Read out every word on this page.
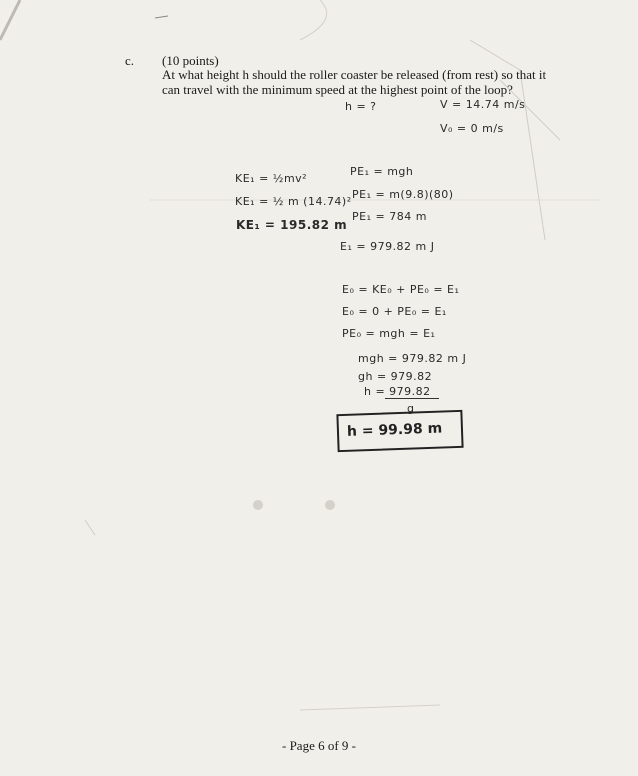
c. (10 points)
At what height h should the roller coaster be released (from rest) so that it can travel with the minimum speed at the highest point of the loop?
h = ?	V = 14.74 m/s
V₀ = 0 m/s
KE₁ = ½mv²
KE₁ = ½ m (14.74)²
KE₁ = 195.82 m
PE₁ = mgh
PE₁ = m(9.8)(80)
PE₁ = 784 m
E₁ = 979.82 m J
E₀ = KE₀ + PE₀ = E₁
E₀ = 0 + PE₀ = E₁
PE₀ = mgh = E₁
mgh = 979.82 m J
gh = 979.82
h = 979.82
g
h = 99.98 m
- Page 6 of 9 -
